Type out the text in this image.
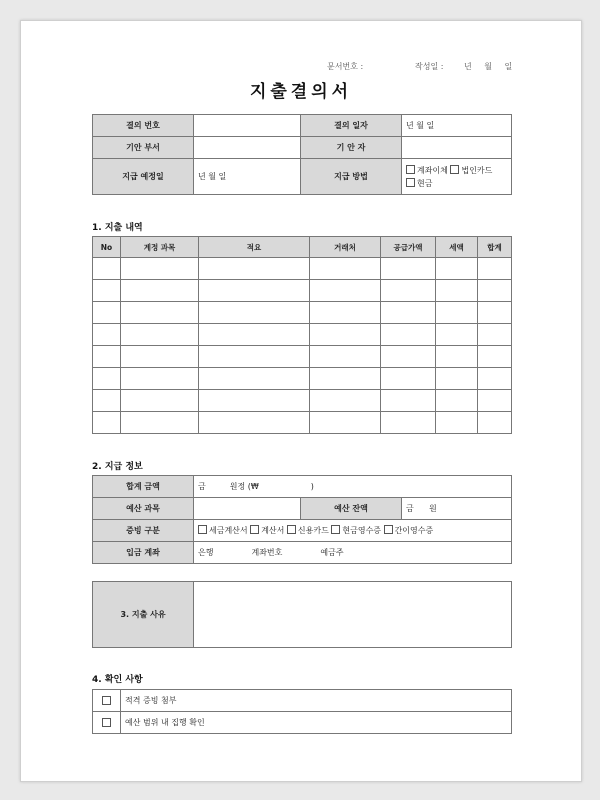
문서번호 :	작성일 :	년 월 일
지출결의서
결의 번호		결의 일자	년 월 일
기안 부서		기 안 자	
지급 예정일	년 월 일	지급 방법	계좌이체 법인카드
현금
1. 지출 내역
No	계정 과목	적요	거래처	공급가액	세액	합계

2. 지급 정보
합계 금액	금 원정 (₩ )		
예산 과목		예산 잔액	금      원
증빙 구분	세금계산서 계산서 신용카드 현금영수증 간이영수증		
입금 계좌	은행 계좌번호 예금주		
3. 지출 사유	
4. 확인 사항
	적격 증빙 첨부
	예산 범위 내 집행 확인
